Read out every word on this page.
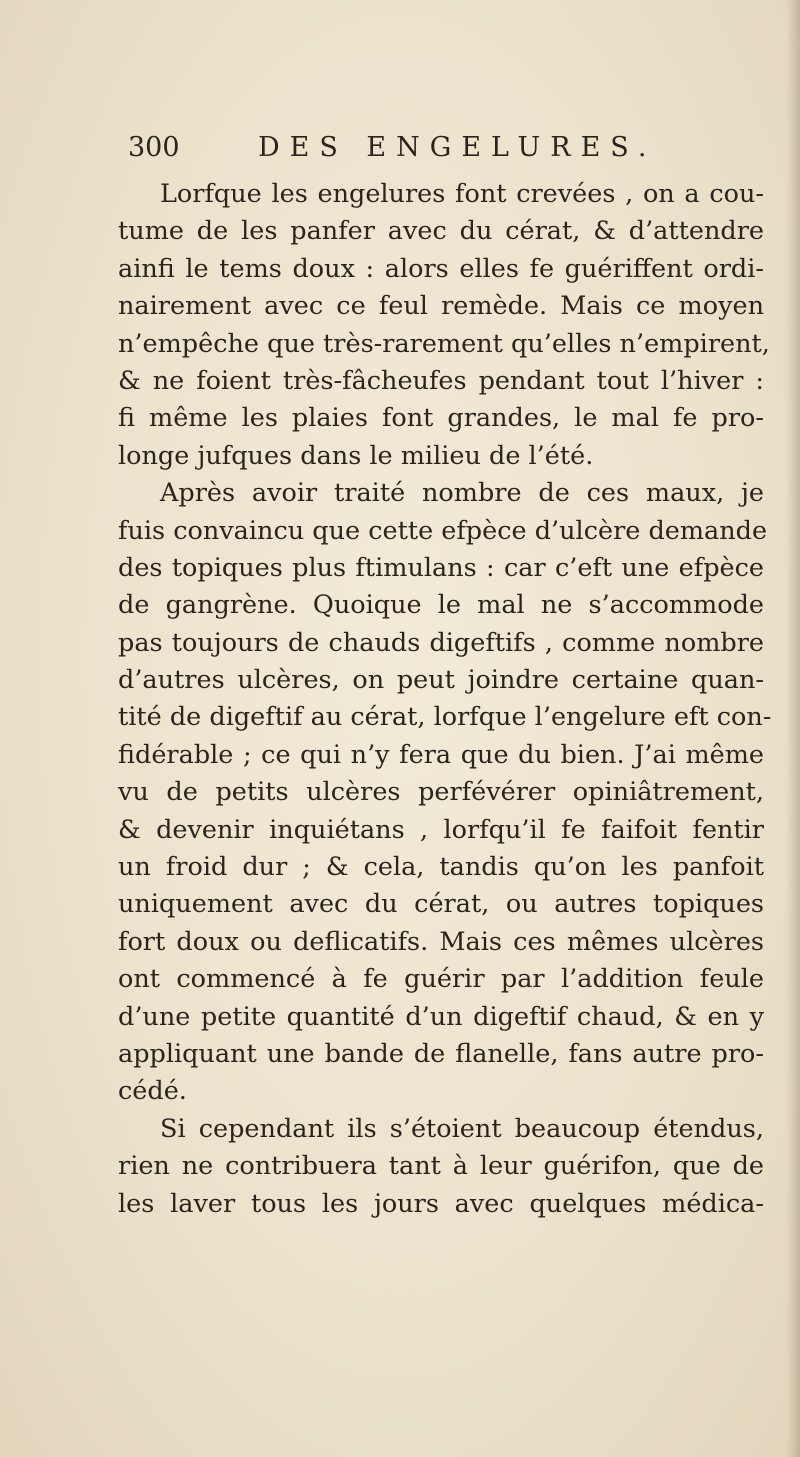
300	DES ENGELURES.
Lorfque les engelures font crevées , on a cou-
tume de les panfer avec du cérat, & d’attendre
ainfi le tems doux : alors elles fe guériffent ordi-
nairement avec ce feul remède. Mais ce moyen
n’empêche que très-rarement qu’elles n’empirent,
& ne foient très-fâcheufes pendant tout l’hiver :
fi même les plaies font grandes, le mal fe pro-
longe jufques dans le milieu de l’été.
Après avoir traité nombre de ces maux, je
fuis convaincu que cette efpèce d’ulcère demande
des topiques plus ftimulans : car c’eft une efpèce
de gangrène. Quoique le mal ne s’accommode
pas toujours de chauds digeftifs , comme nombre
d’autres ulcères, on peut joindre certaine quan-
tité de digeftif au cérat, lorfque l’engelure eft con-
fidérable ; ce qui n’y fera que du bien. J’ai même
vu de petits ulcères perfévérer opiniâtrement,
& devenir inquiétans , lorfqu’il fe faifoit fentir
un froid dur ; & cela, tandis qu’on les panfoit
uniquement avec du cérat, ou autres topiques
fort doux ou deflicatifs. Mais ces mêmes ulcères
ont commencé à fe guérir par l’addition feule
d’une petite quantité d’un digeftif chaud, & en y
appliquant une bande de flanelle, fans autre pro-
cédé.
Si cependant ils s’étoient beaucoup étendus,
rien ne contribuera tant à leur guérifon, que de
les laver tous les jours avec quelques médica-
